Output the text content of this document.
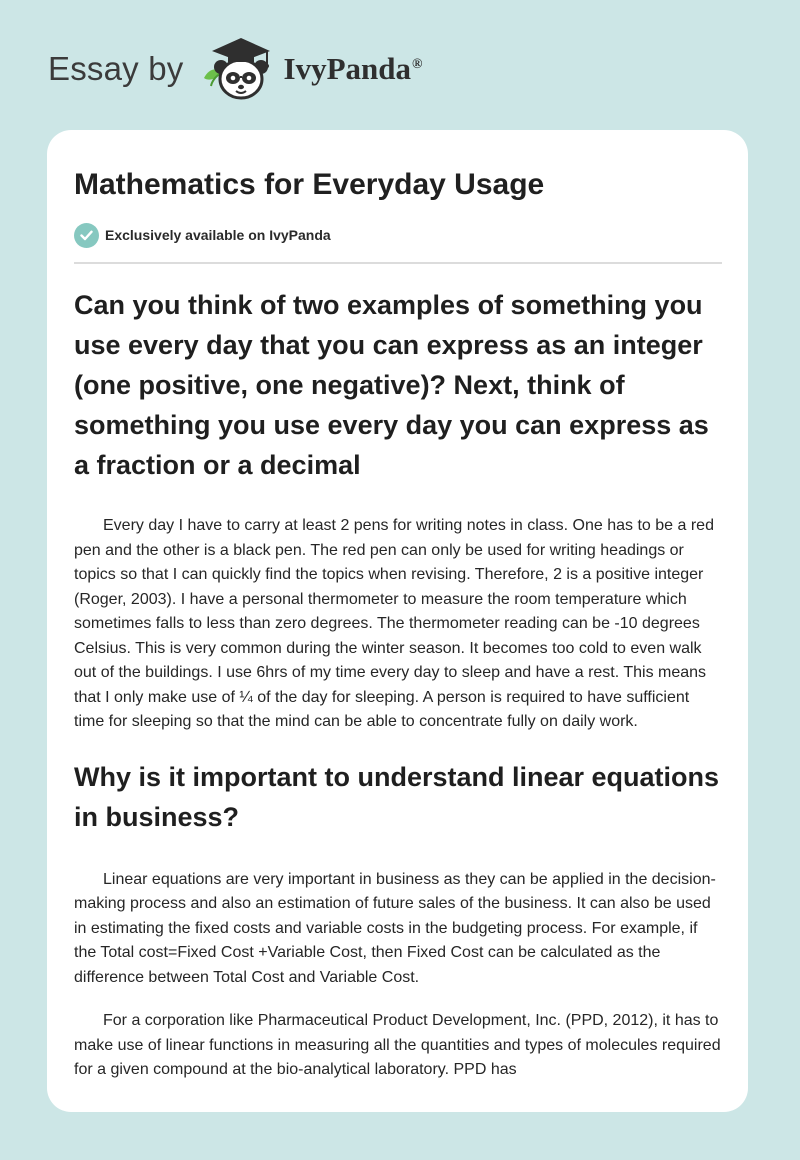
Essay by	IvyPanda®
Mathematics for Everyday Usage
Exclusively available on IvyPanda
Can you think of two examples of something you use every day that you can express as an integer (one positive, one negative)? Next, think of something you use every day you can express as a fraction or a decimal

Every day I have to carry at least 2 pens for writing notes in class. One has to be a red pen and the other is a black pen. The red pen can only be used for writing headings or topics so that I can quickly find the topics when revising. Therefore, 2 is a positive integer (Roger, 2003). I have a personal thermometer to measure the room temperature which sometimes falls to less than zero degrees. The thermometer reading can be -10 degrees Celsius. This is very common during the winter season. It becomes too cold to even walk out of the buildings. I use 6hrs of my time every day to sleep and have a rest. This means that I only make use of ¼ of the day for sleeping. A person is required to have sufficient time for sleeping so that the mind can be able to concentrate fully on daily work.

Why is it important to understand linear equations in business?

Linear equations are very important in business as they can be applied in the decision-making process and also an estimation of future sales of the business. It can also be used in estimating the fixed costs and variable costs in the budgeting process. For example, if the Total cost=Fixed Cost +Variable Cost, then Fixed Cost can be calculated as the difference between Total Cost and Variable Cost.

For a corporation like Pharmaceutical Product Development, Inc. (PPD, 2012), it has to make use of linear functions in measuring all the quantities and types of molecules required for a given compound at the bio-analytical laboratory. PPD has
